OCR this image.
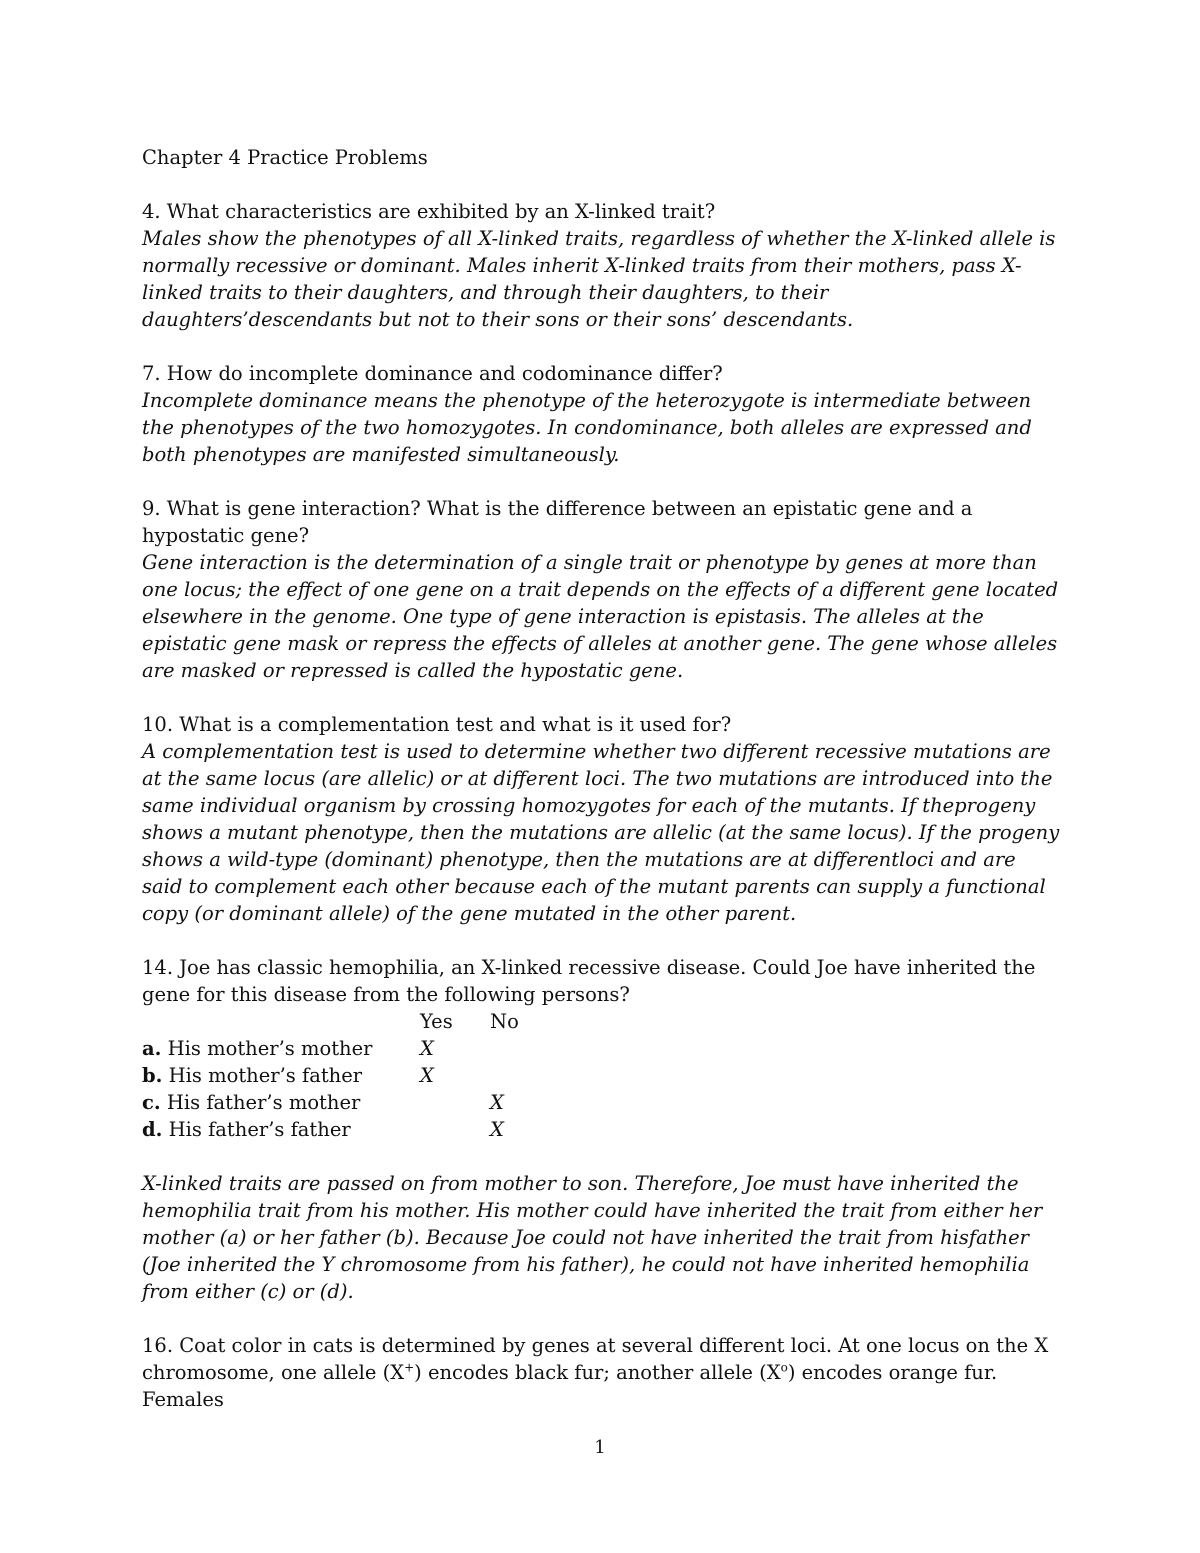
Chapter 4 Practice Problems

4. What characteristics are exhibited by an X-linked trait?

Males show the phenotypes of all X-linked traits, regardless of whether the X-linked allele is normally recessive or dominant. Males inherit X-linked traits from their mothers, pass X-linked traits to their daughters, and through their daughters, to their daughters’descendants but not to their sons or their sons’ descendants.

7. How do incomplete dominance and codominance differ?

Incomplete dominance means the phenotype of the heterozygote is intermediate between the phenotypes of the two homozygotes. In condominance, both alleles are expressed and both phenotypes are manifested simultaneously.

9. What is gene interaction? What is the difference between an epistatic gene and a hypostatic gene?

Gene interaction is the determination of a single trait or phenotype by genes at more than one locus; the effect of one gene on a trait depends on the effects of a different gene located elsewhere in the genome. One type of gene interaction is epistasis. The alleles at the epistatic gene mask or repress the effects of alleles at another gene. The gene whose alleles are masked or repressed is called the hypostatic gene.

10. What is a complementation test and what is it used for?

A complementation test is used to determine whether two different recessive mutations are at the same locus (are allelic) or at different loci. The two mutations are introduced into the same individual organism by crossing homozygotes for each of the mutants. If theprogeny shows a mutant phenotype, then the mutations are allelic (at the same locus). If the progeny shows a wild-type (dominant) phenotype, then the mutations are at differentloci and are said to complement each other because each of the mutant parents can supply a functional copy (or dominant allele) of the gene mutated in the other parent.

14. Joe has classic hemophilia, an X-linked recessive disease. Could Joe have inherited the gene for this disease from the following persons?

	Yes	No
a. His mother’s mother	X	
b. His mother’s father	X	
c. His father’s mother		X
d. His father’s father		X

X-linked traits are passed on from mother to son. Therefore, Joe must have inherited the hemophilia trait from his mother. His mother could have inherited the trait from either her mother (a) or her father (b). Because Joe could not have inherited the trait from hisfather (Joe inherited the Y chromosome from his father), he could not have inherited hemophilia from either (c) or (d).

16. Coat color in cats is determined by genes at several different loci. At one locus on the X chromosome, one allele (X+) encodes black fur; another allele $(X^o)$ encodes orange fur. Females

1
